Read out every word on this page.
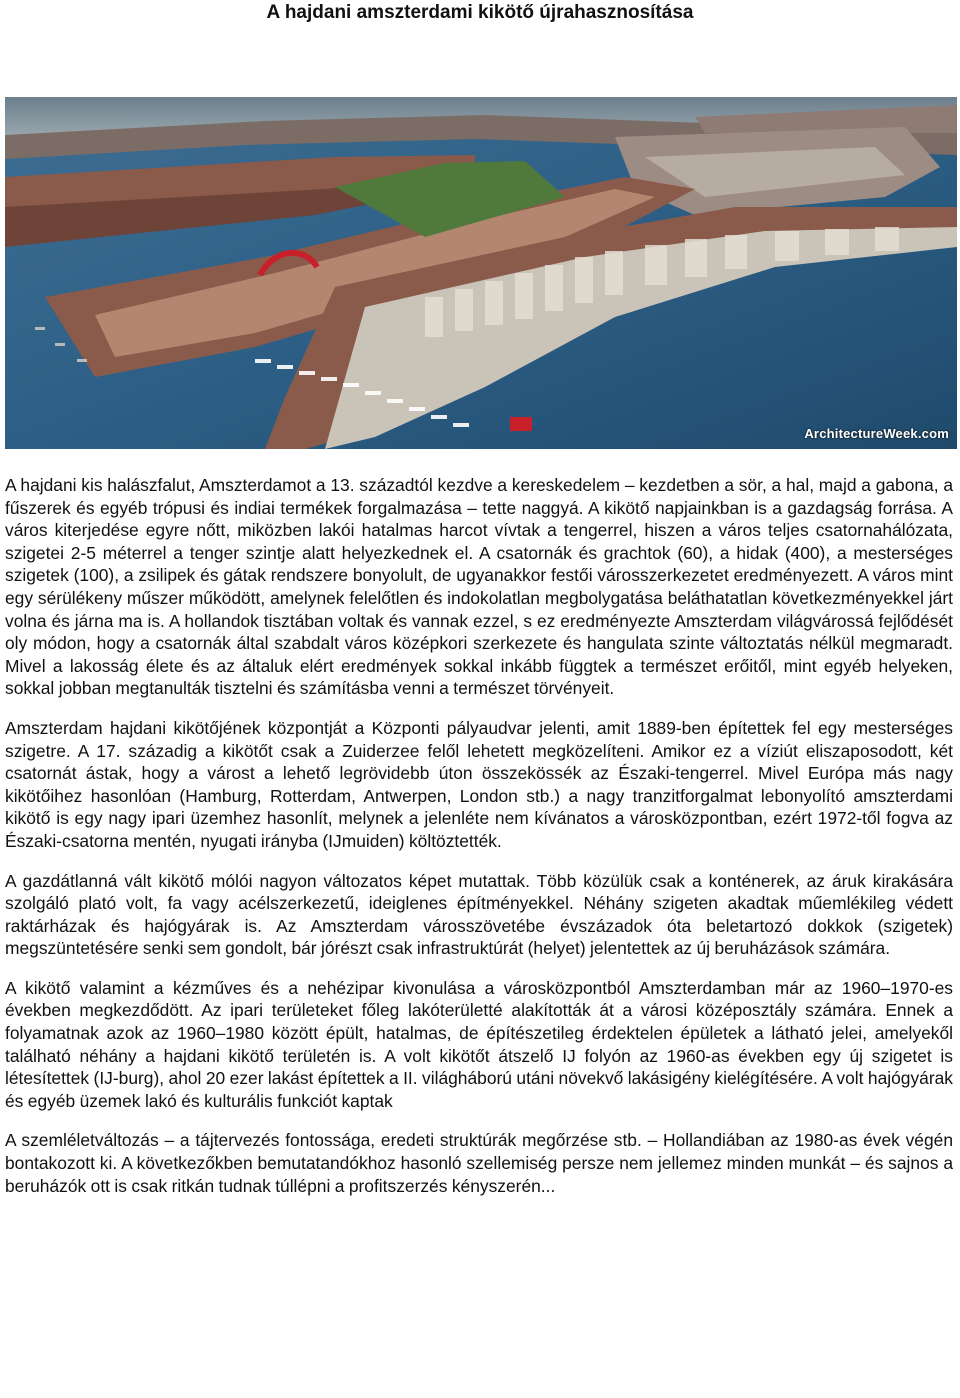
A hajdani amszterdami kikötő újrahasznosítása
ArchitectureWeek.com

A hajdani kis halászfalut, Amszterdamot a 13. századtól kezdve a kereskedelem – kezdetben a sör, a hal, majd a gabona, a fűszerek és egyéb trópusi és indiai termékek forgalmazása – tette naggyá. A kikötő napjainkban is a gazdagság forrása. A város kiterjedése egyre nőtt, miközben lakói hatalmas harcot vívtak a tengerrel, hiszen a város teljes csatornahálózata, szigetei 2-5 méterrel a tenger szintje alatt helyezkednek el. A csatornák és grachtok (60), a hidak (400), a mesterséges szigetek (100), a zsilipek és gátak rendszere bonyolult, de ugyanakkor festői városszerkezetet eredményezett. A város mint egy sérülékeny műszer működött, amelynek felelőtlen és indokolatlan megbolygatása beláthatatlan következményekkel járt volna és járna ma is. A hollandok tisztában voltak és vannak ezzel, s ez eredményezte Amszterdam világvárossá fejlődését oly módon, hogy a csatornák által szabdalt város középkori szerkezete és hangulata szinte változtatás nélkül megmaradt. Mivel a lakosság élete és az általuk elért eredmények sokkal inkább függtek a természet erőitől, mint egyéb helyeken, sokkal jobban megtanulták tisztelni és számításba venni a természet törvényeit.

Amszterdam hajdani kikötőjének központját a Központi pályaudvar jelenti, amit 1889-ben építettek fel egy mesterséges szigetre. A 17. századig a kikötőt csak a Zuiderzee felől lehetett megközelíteni. Amikor ez a víziút eliszaposodott, két csatornát ástak, hogy a várost a lehető legrövidebb úton összekössék az Északi-tengerrel. Mivel Európa más nagy kikötőihez hasonlóan (Hamburg, Rotterdam, Antwerpen, London stb.) a nagy tranzitforgalmat lebonyolító amszterdami kikötő is egy nagy ipari üzemhez hasonlít, melynek a jelenléte nem kívánatos a városközpontban, ezért 1972-től fogva az Északi-csatorna mentén, nyugati irányba (IJmuiden) költöztették.

A gazdátlanná vált kikötő mólói nagyon változatos képet mutattak. Több közülük csak a konténerek, az áruk kirakására szolgáló plató volt, fa vagy acélszerkezetű, ideiglenes építményekkel. Néhány szigeten akadtak műemlékileg védett raktárházak és hajógyárak is. Az Amszterdam városszövetébe évszázadok óta beletartozó dokkok (szigetek) megszüntetésére senki sem gondolt, bár jórészt csak infrastruktúrát (helyet) jelentettek az új beruházások számára.

A kikötő valamint a kézműves és a nehézipar kivonulása a városközpontból Amszterdamban már az 1960–1970-es években megkezdődött. Az ipari területeket főleg lakóterületté alakították át a városi középosztály számára. Ennek a folyamatnak azok az 1960–1980 között épült, hatalmas, de építészetileg érdektelen épületek a látható jelei, amelyekől található néhány a hajdani kikötő területén is. A volt kikötőt átszelő IJ folyón az 1960-as években egy új szigetet is létesítettek (IJ-burg), ahol 20 ezer lakást építettek a II. világháború utáni növekvő lakásigény kielégítésére. A volt hajógyárak és egyéb üzemek lakó és kulturális funkciót kaptak

A szemléletváltozás – a tájtervezés fontossága, eredeti struktúrák megőrzése stb. – Hollandiában az 1980-as évek végén bontakozott ki. A következőkben bemutatandókhoz hasonló szellemiség persze nem jellemez minden munkát – és sajnos a beruházók ott is csak ritkán tudnak túllépni a profitszerzés kényszerén...
